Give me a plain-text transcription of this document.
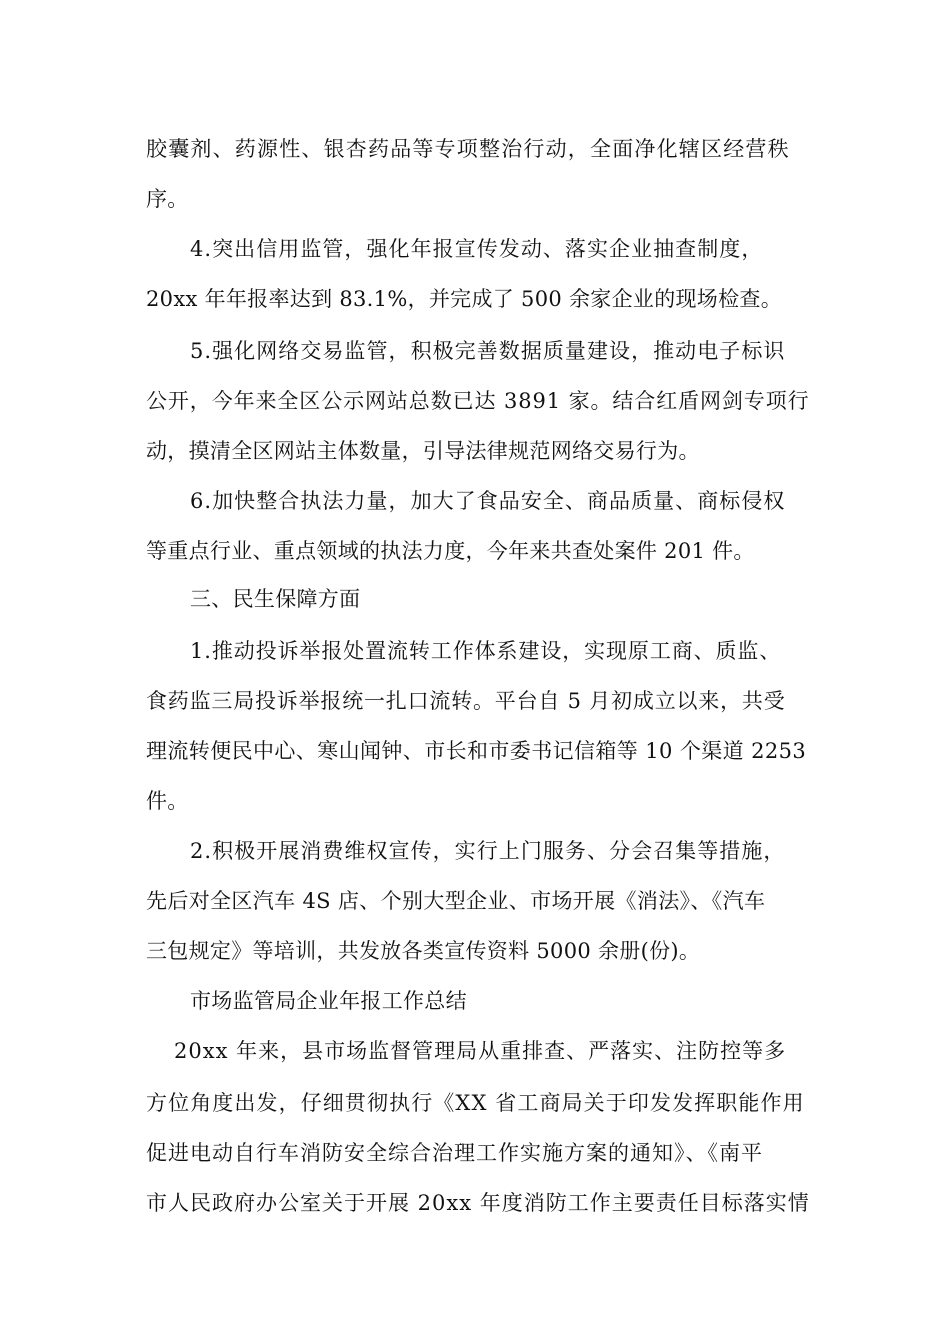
胶囊剂、药源性、银杏药品等专项整治行动，全面净化辖区经营秩
序。
4.突出信用监管，强化年报宣传发动、落实企业抽查制度，
20xx 年年报率达到 83.1%，并完成了 500 余家企业的现场检查。
5.强化网络交易监管，积极完善数据质量建设，推动电子标识
公开，今年来全区公示网站总数已达 3891 家。结合红盾网剑专项行
动，摸清全区网站主体数量，引导法律规范网络交易行为。
6.加快整合执法力量，加大了食品安全、商品质量、商标侵权
等重点行业、重点领域的执法力度，今年来共查处案件 201 件。
三、民生保障方面
1.推动投诉举报处置流转工作体系建设，实现原工商、质监、
食药监三局投诉举报统一扎口流转。平台自 5 月初成立以来，共受
理流转便民中心、寒山闻钟、市长和市委书记信箱等 10 个渠道 2253
件。
2.积极开展消费维权宣传，实行上门服务、分会召集等措施，
先后对全区汽车 4S 店、个别大型企业、市场开展《消法》、《汽车
三包规定》等培训，共发放各类宣传资料 5000 余册(份)。
市场监管局企业年报工作总结
20xx 年来，县市场监督管理局从重排查、严落实、注防控等多
方位角度出发，仔细贯彻执行《XX 省工商局关于印发发挥职能作用
促进电动自行车消防安全综合治理工作实施方案的通知》、《南平
市人民政府办公室关于开展 20xx 年度消防工作主要责任目标落实情
